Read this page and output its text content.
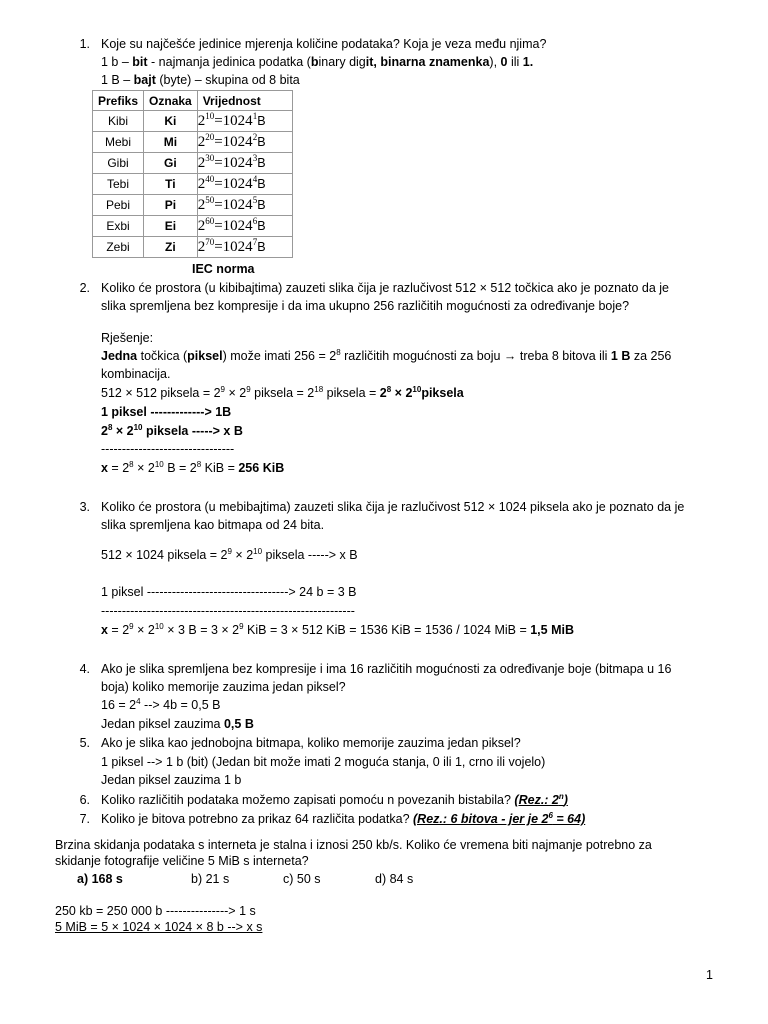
1. Koje su najčešće jedinice mjerenja količine podataka? Koja je veza među njima?
1 b – bit - najmanja jedinica podatka (binary digit, binarna znamenka), 0 ili 1.
1 B – bajt (byte) – skupina od 8 bita
Prefiks	Oznaka	Vrijednost
Kibi	Ki	$2^{10}=1024^1B$
Mebi	Mi	$2^{20}=1024^2B$
Gibi	Gi	$2^{30}=1024^3B$
Tebi	Ti	$2^{40}=1024^4B$
Pebi	Pi	$2^{50}=1024^5B$
Exbi	Ei	$2^{60}=1024^6B$
Zebi	Zi	$2^{70}=1024^7B$
IEC norma
2. Koliko će prostora (u kibibajtima) zauzeti slika čija je razlučivost 512 × 512 točkica ako je poznato da je
slika spremljena bez kompresije i da ima ukupno 256 različitih mogućnosti za određivanje boje?
Rješenje:
Jedna točkica (piksel) može imati $256 = 2^8$ različitih mogućnosti za boju → treba 8 bitova ili 1 B za 256
kombinacija.
512 × 512 piksela = $2^9 \times 2^9$ piksela = $2^{18}$ piksela = $2^8$ × $2^{10}piksela$
1 piksel -------------> 1B
$2^8 \times 2^{10}$ piksela -----> x B
--------------------------------
$x = 2^8 \times 2^{10}$ $B = 2^8$ KiB = 256 KiB
3. Koliko će prostora (u mebibajtima) zauzeti slika čija je razlučivost 512 × 1024 piksela ako je poznato da je
slika spremljena kao bitmapa od 24 bita.
512 × 1024 piksela = $2^9 \times 2^{10}$ piksela -----> x B
1 piksel ----------------------------------> 24 b = 3 B
-------------------------------------------------------------
$x = 2^9 \times 2^{10} \times 3$ $B = 3 \times 2^9$ KiB = 3 × 512 KiB = 1536 KiB = 1536 / 1024 MiB = 1,5 MiB
4. Ako je slika spremljena bez kompresije i ima 16 različitih mogućnosti za određivanje boje (bitmapa u 16
boja) koliko memorije zauzima jedan piksel?
$16 = 2^4$ --> 4b = 0,5 B
Jedan piksel zauzima 0,5 B
5. Ako je slika kao jednobojna bitmapa, koliko memorije zauzima jedan piksel?
1 piksel --> 1 b (bit) (Jedan bit može imati 2 moguća stanja, 0 ili 1, crno ili vojelo)
Jedan piksel zauzima 1 b
6. Koliko različitih podataka možemo zapisati pomoću n povezanih bistabila? (Rez.: 2$^n$)
7. Koliko je bitova potrebno za prikaz 64 različita podatka? (Rez.: 6 bitova - jer je $2^6 = 64$)
Brzina skidanja podataka s interneta je stalna i iznosi 250 kb/s. Koliko će vremena biti najmanje potrebno za
skidanje fotografije veličine 5 MiB s interneta?
a) 168 s	b) 21 s	c) 50 s	d) 84 s
250 kb = 250 000 b ---------------> 1 s
5 MiB = 5 × 1024 × 1024 × 8 b --> x s
1
